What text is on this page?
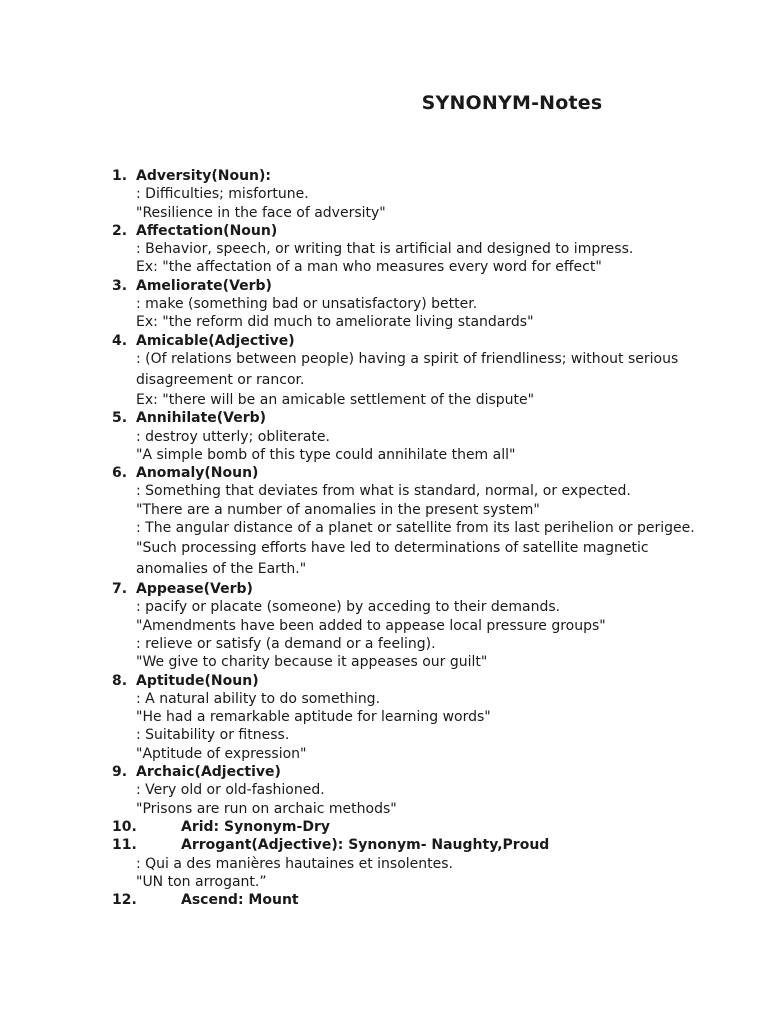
SYNONYM-Notes
1. Adversity(Noun):
: Difficulties; misfortune.
"Resilience in the face of adversity"
2. Affectation(Noun)
: Behavior, speech, or writing that is artificial and designed to impress.
Ex: "the affectation of a man who measures every word for effect"
3. Ameliorate(Verb)
: make (something bad or unsatisfactory) better.
Ex: "the reform did much to ameliorate living standards"
4. Amicable(Adjective)
: (Of relations between people) having a spirit of friendliness; without serious disagreement or rancor.
Ex: "there will be an amicable settlement of the dispute"
5. Annihilate(Verb)
: destroy utterly; obliterate.
"A simple bomb of this type could annihilate them all"
6. Anomaly(Noun)
: Something that deviates from what is standard, normal, or expected.
"There are a number of anomalies in the present system"
: The angular distance of a planet or satellite from its last perihelion or perigee.
"Such processing efforts have led to determinations of satellite magnetic anomalies of the Earth."
7. Appease(Verb)
: pacify or placate (someone) by acceding to their demands.
"Amendments have been added to appease local pressure groups"
: relieve or satisfy (a demand or a feeling).
"We give to charity because it appeases our guilt"
8. Aptitude(Noun)
: A natural ability to do something.
"He had a remarkable aptitude for learning words"
: Suitability or fitness.
"Aptitude of expression"
9. Archaic(Adjective)
: Very old or old-fashioned.
"Prisons are run on archaic methods"
10.	Arid: Synonym-Dry
11.	Arrogant(Adjective): Synonym- Naughty,Proud
: Qui a des manières hautaines et insolentes.
"UN ton arrogant.”
12.	Ascend: Mount
